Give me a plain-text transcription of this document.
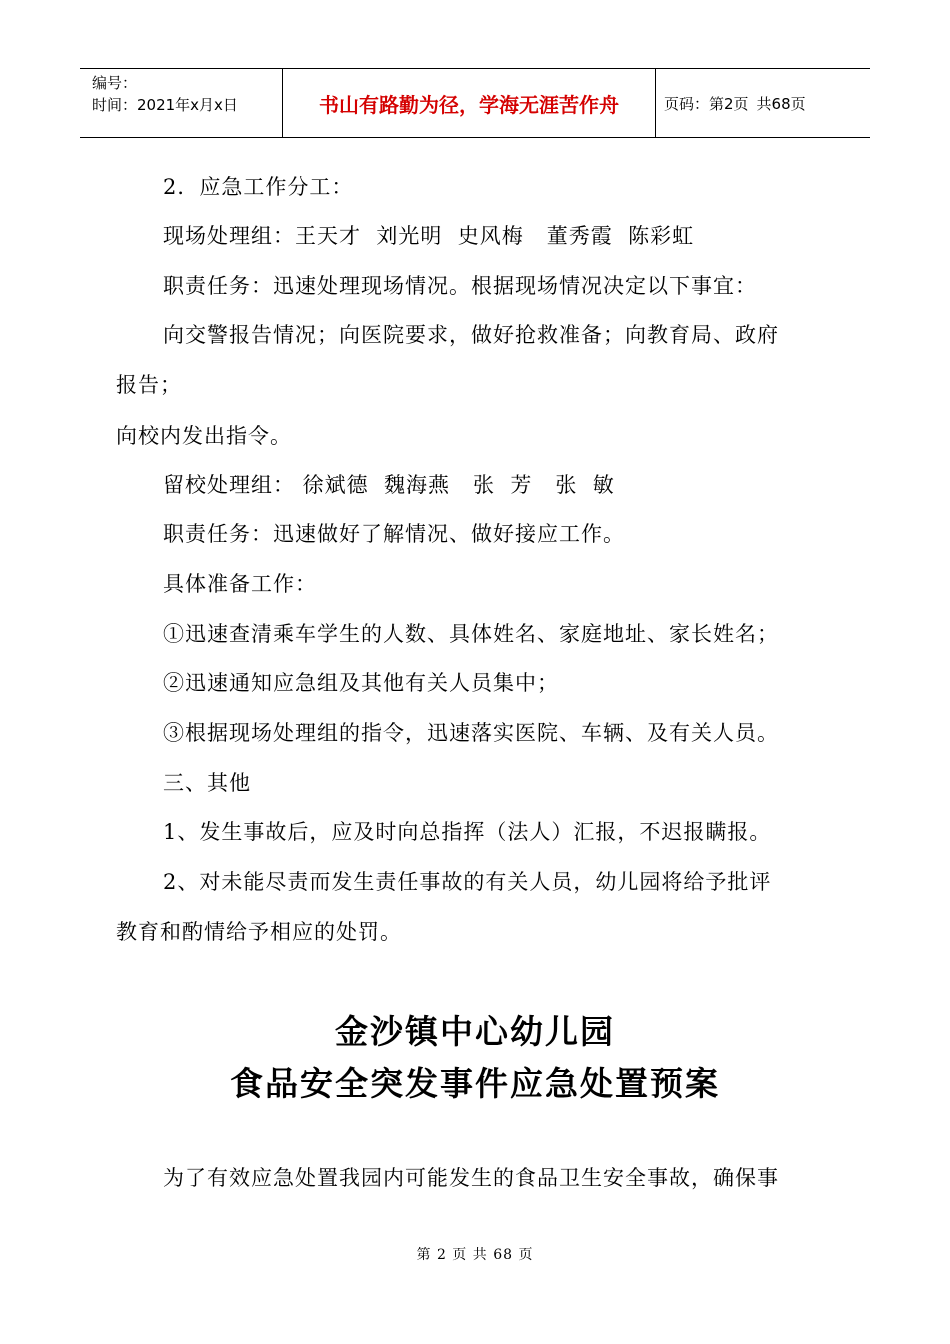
编号：
时间：2021年x月x日	书山有路勤为径，学海无涯苦作舟	页码：第2页 共68页
2．应急工作分工：
现场处理组：王天才  刘光明  史风梅   董秀霞  陈彩虹
职责任务：迅速处理现场情况。根据现场情况决定以下事宜：
向交警报告情况；向医院要求，做好抢救准备；向教育局、政府
报告；
向校内发出指令。
留校处理组： 徐斌德  魏海燕   张  芳   张  敏
职责任务：迅速做好了解情况、做好接应工作。
具体准备工作：
①迅速查清乘车学生的人数、具体姓名、家庭地址、家长姓名；
②迅速通知应急组及其他有关人员集中；
③根据现场处理组的指令，迅速落实医院、车辆、及有关人员。
三、其他
1、发生事故后，应及时向总指挥（法人）汇报，不迟报瞒报。
2、对未能尽责而发生责任事故的有关人员，幼儿园将给予批评
教育和酌情给予相应的处罚。
金沙镇中心幼儿园
食品安全突发事件应急处置预案
为了有效应急处置我园内可能发生的食品卫生安全事故，确保事
第 2 页 共 68 页
